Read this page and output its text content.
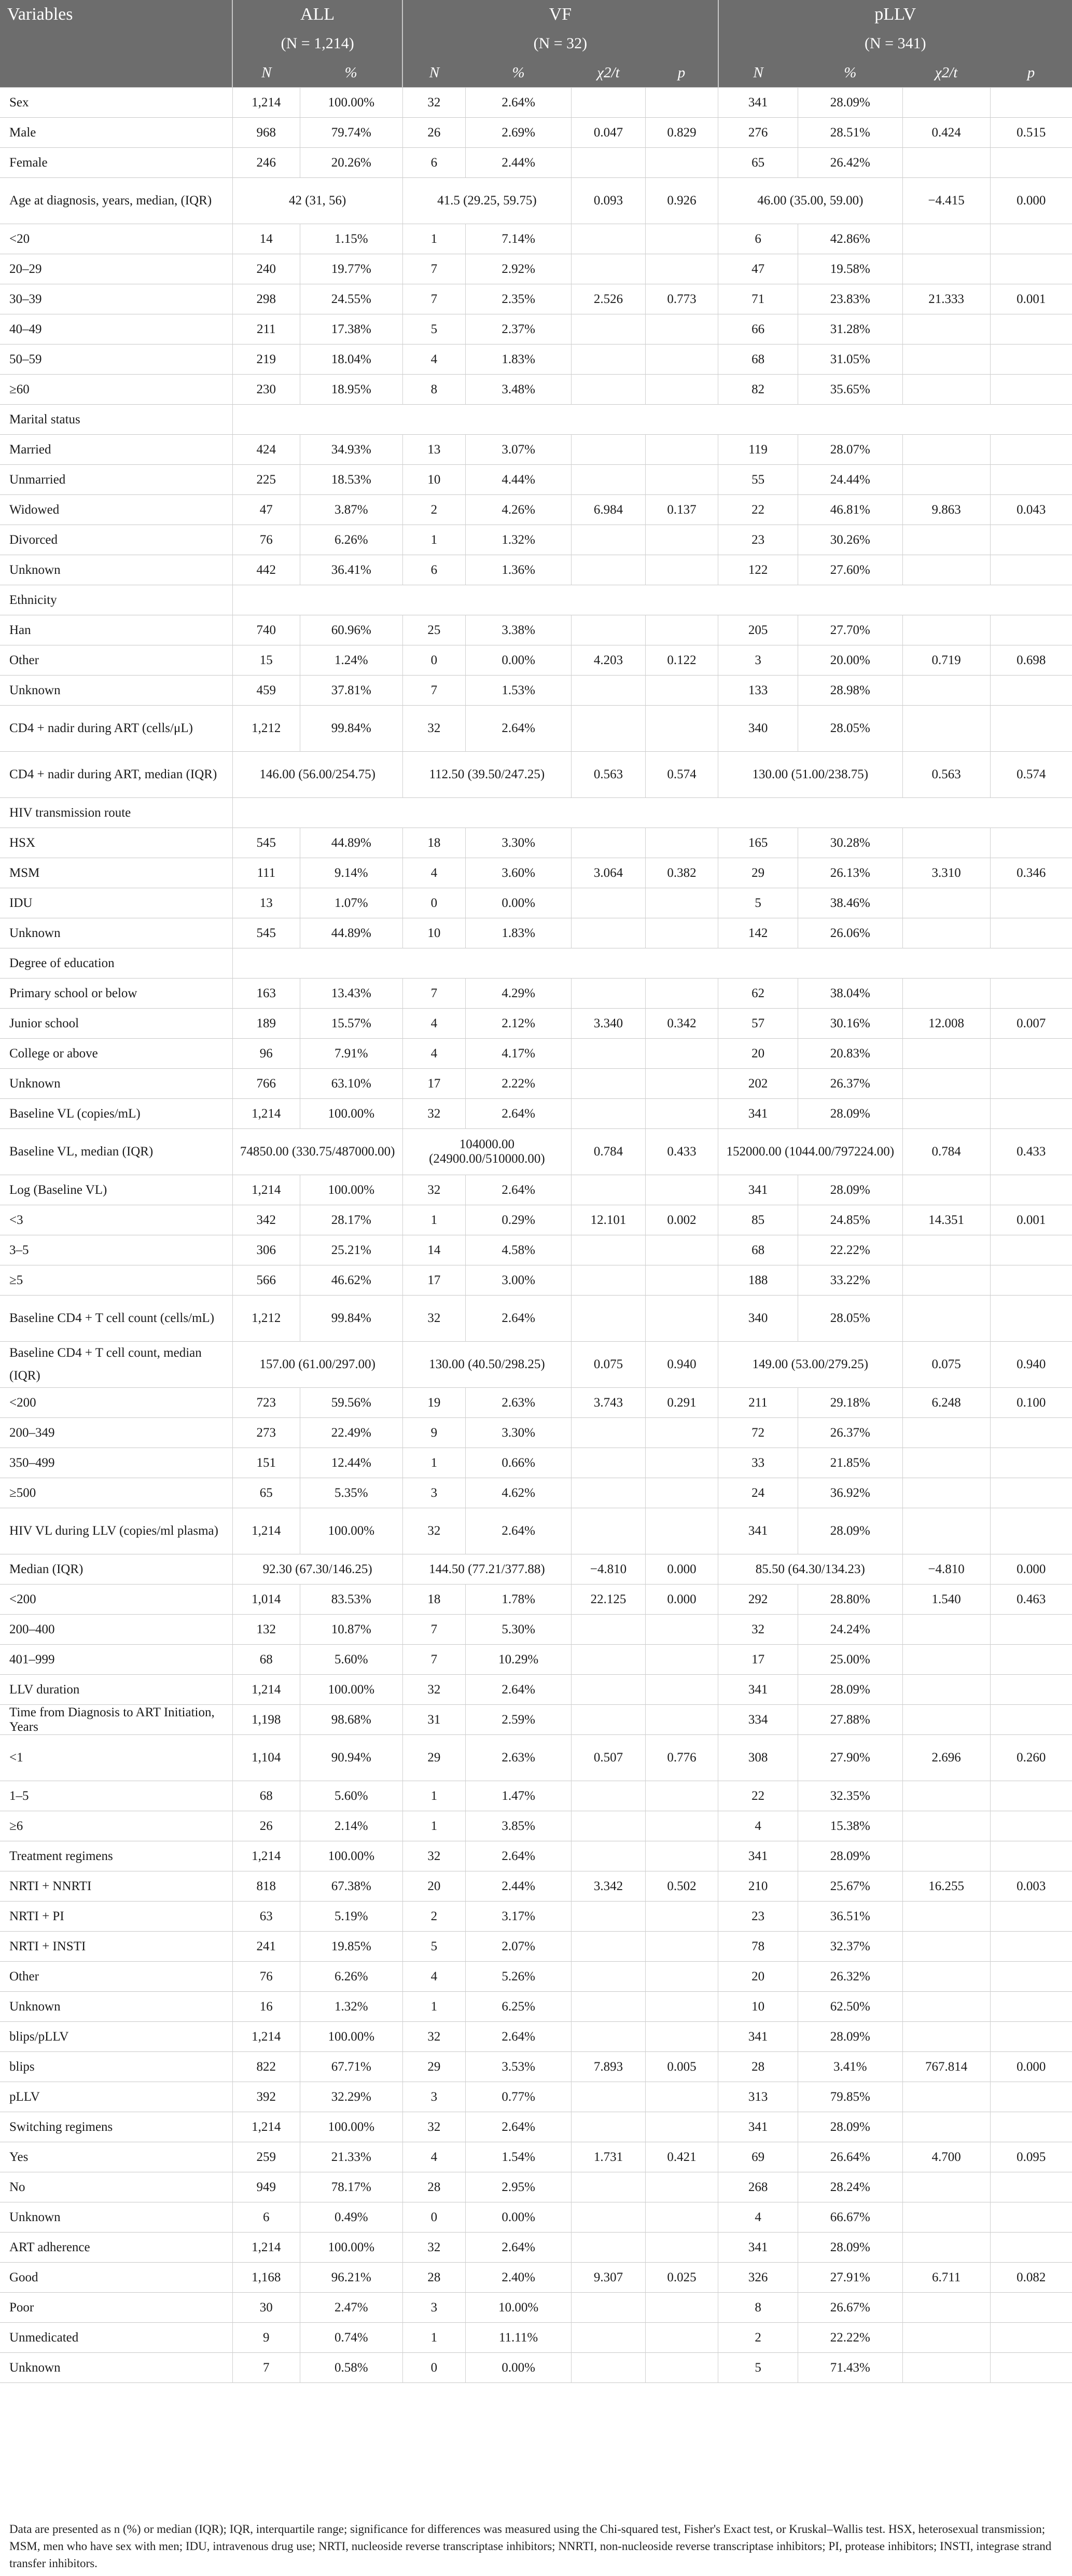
Variables	ALL		VF				pLLV			
	(N = 1,214)		(N = 32)				(N = 341)			
	N	%	N	%	χ2/t	p	N	%	χ2/t	p
Sex	1,214	100.00%	32	2.64%			341	28.09%		
Male	968	79.74%	26	2.69%	0.047	0.829	276	28.51%	0.424	0.515
Female	246	20.26%	6	2.44%			65	26.42%		
Age at diagnosis, years, median, (IQR)	42 (31, 56)		41.5 (29.25, 59.75)		0.093	0.926	46.00 (35.00, 59.00)		−4.415	0.000
<20	14	1.15%	1	7.14%			6	42.86%		
20–29	240	19.77%	7	2.92%			47	19.58%		
30–39	298	24.55%	7	2.35%	2.526	0.773	71	23.83%	21.333	0.001
40–49	211	17.38%	5	2.37%			66	31.28%		
50–59	219	18.04%	4	1.83%			68	31.05%		
≥60	230	18.95%	8	3.48%			82	35.65%		
Marital status										
Married	424	34.93%	13	3.07%			119	28.07%		
Unmarried	225	18.53%	10	4.44%			55	24.44%		
Widowed	47	3.87%	2	4.26%	6.984	0.137	22	46.81%	9.863	0.043
Divorced	76	6.26%	1	1.32%			23	30.26%		
Unknown	442	36.41%	6	1.36%			122	27.60%		
Ethnicity										
Han	740	60.96%	25	3.38%			205	27.70%		
Other	15	1.24%	0	0.00%	4.203	0.122	3	20.00%	0.719	0.698
Unknown	459	37.81%	7	1.53%			133	28.98%		
CD4 + nadir during ART (cells/μL)	1,212	99.84%	32	2.64%			340	28.05%		
CD4 + nadir during ART, median (IQR)	146.00 (56.00/254.75)		112.50 (39.50/247.25)		0.563	0.574	130.00 (51.00/238.75)		0.563	0.574
HIV transmission route										
HSX	545	44.89%	18	3.30%			165	30.28%		
MSM	111	9.14%	4	3.60%	3.064	0.382	29	26.13%	3.310	0.346
IDU	13	1.07%	0	0.00%			5	38.46%		
Unknown	545	44.89%	10	1.83%			142	26.06%		
Degree of education										
Primary school or below	163	13.43%	7	4.29%			62	38.04%		
Junior school	189	15.57%	4	2.12%	3.340	0.342	57	30.16%	12.008	0.007
College or above	96	7.91%	4	4.17%			20	20.83%		
Unknown	766	63.10%	17	2.22%			202	26.37%		
Baseline VL (copies/mL)	1,214	100.00%	32	2.64%			341	28.09%		
Baseline VL, median (IQR)	74850.00 (330.75/487000.00)		104000.00 (24900.00/510000.00)		0.784	0.433	152000.00 (1044.00/797224.00)		0.784	0.433
Log (Baseline VL)	1,214	100.00%	32	2.64%			341	28.09%		
<3	342	28.17%	1	0.29%	12.101	0.002	85	24.85%	14.351	0.001
3–5	306	25.21%	14	4.58%			68	22.22%		
≥5	566	46.62%	17	3.00%			188	33.22%		
Baseline CD4 + T cell count (cells/mL)	1,212	99.84%	32	2.64%			340	28.05%		
Baseline CD4 + T cell count, median (IQR)	157.00 (61.00/297.00)		130.00 (40.50/298.25)		0.075	0.940	149.00 (53.00/279.25)		0.075	0.940
<200	723	59.56%	19	2.63%	3.743	0.291	211	29.18%	6.248	0.100
200–349	273	22.49%	9	3.30%			72	26.37%		
350–499	151	12.44%	1	0.66%			33	21.85%		
≥500	65	5.35%	3	4.62%			24	36.92%		
HIV VL during LLV (copies/ml plasma)	1,214	100.00%	32	2.64%			341	28.09%		
Median (IQR)	92.30 (67.30/146.25)		144.50 (77.21/377.88)		−4.810	0.000	85.50 (64.30/134.23)		−4.810	0.000
<200	1,014	83.53%	18	1.78%	22.125	0.000	292	28.80%	1.540	0.463
200–400	132	10.87%	7	5.30%			32	24.24%		
401–999	68	5.60%	7	10.29%			17	25.00%		
LLV duration	1,214	100.00%	32	2.64%			341	28.09%		
Time from Diagnosis to ART Initiation, Years	1,198	98.68%	31	2.59%			334	27.88%		
<1	1,104	90.94%	29	2.63%	0.507	0.776	308	27.90%	2.696	0.260
1–5	68	5.60%	1	1.47%			22	32.35%		
≥6	26	2.14%	1	3.85%			4	15.38%		
Treatment regimens	1,214	100.00%	32	2.64%			341	28.09%		
NRTI + NNRTI	818	67.38%	20	2.44%	3.342	0.502	210	25.67%	16.255	0.003
NRTI + PI	63	5.19%	2	3.17%			23	36.51%		
NRTI + INSTI	241	19.85%	5	2.07%			78	32.37%		
Other	76	6.26%	4	5.26%			20	26.32%		
Unknown	16	1.32%	1	6.25%			10	62.50%		
blips/pLLV	1,214	100.00%	32	2.64%			341	28.09%		
blips	822	67.71%	29	3.53%	7.893	0.005	28	3.41%	767.814	0.000
pLLV	392	32.29%	3	0.77%			313	79.85%		
Switching regimens	1,214	100.00%	32	2.64%			341	28.09%		
Yes	259	21.33%	4	1.54%	1.731	0.421	69	26.64%	4.700	0.095
No	949	78.17%	28	2.95%			268	28.24%		
Unknown	6	0.49%	0	0.00%			4	66.67%		
ART adherence	1,214	100.00%	32	2.64%			341	28.09%		
Good	1,168	96.21%	28	2.40%	9.307	0.025	326	27.91%	6.711	0.082
Poor	30	2.47%	3	10.00%			8	26.67%		
Unmedicated	9	0.74%	1	11.11%			2	22.22%		
Unknown	7	0.58%	0	0.00%			5	71.43%		
Data are presented as n (%) or median (IQR); IQR, interquartile range; significance for differences was measured using the Chi-squared test, Fisher's Exact test, or Kruskal–Wallis test. HSX, heterosexual transmission; MSM, men who have sex with men; IDU, intravenous drug use; NRTI, nucleoside reverse transcriptase inhibitors; NNRTI, non-nucleoside reverse transcriptase inhibitors; PI, protease inhibitors; INSTI, integrase strand transfer inhibitors.
